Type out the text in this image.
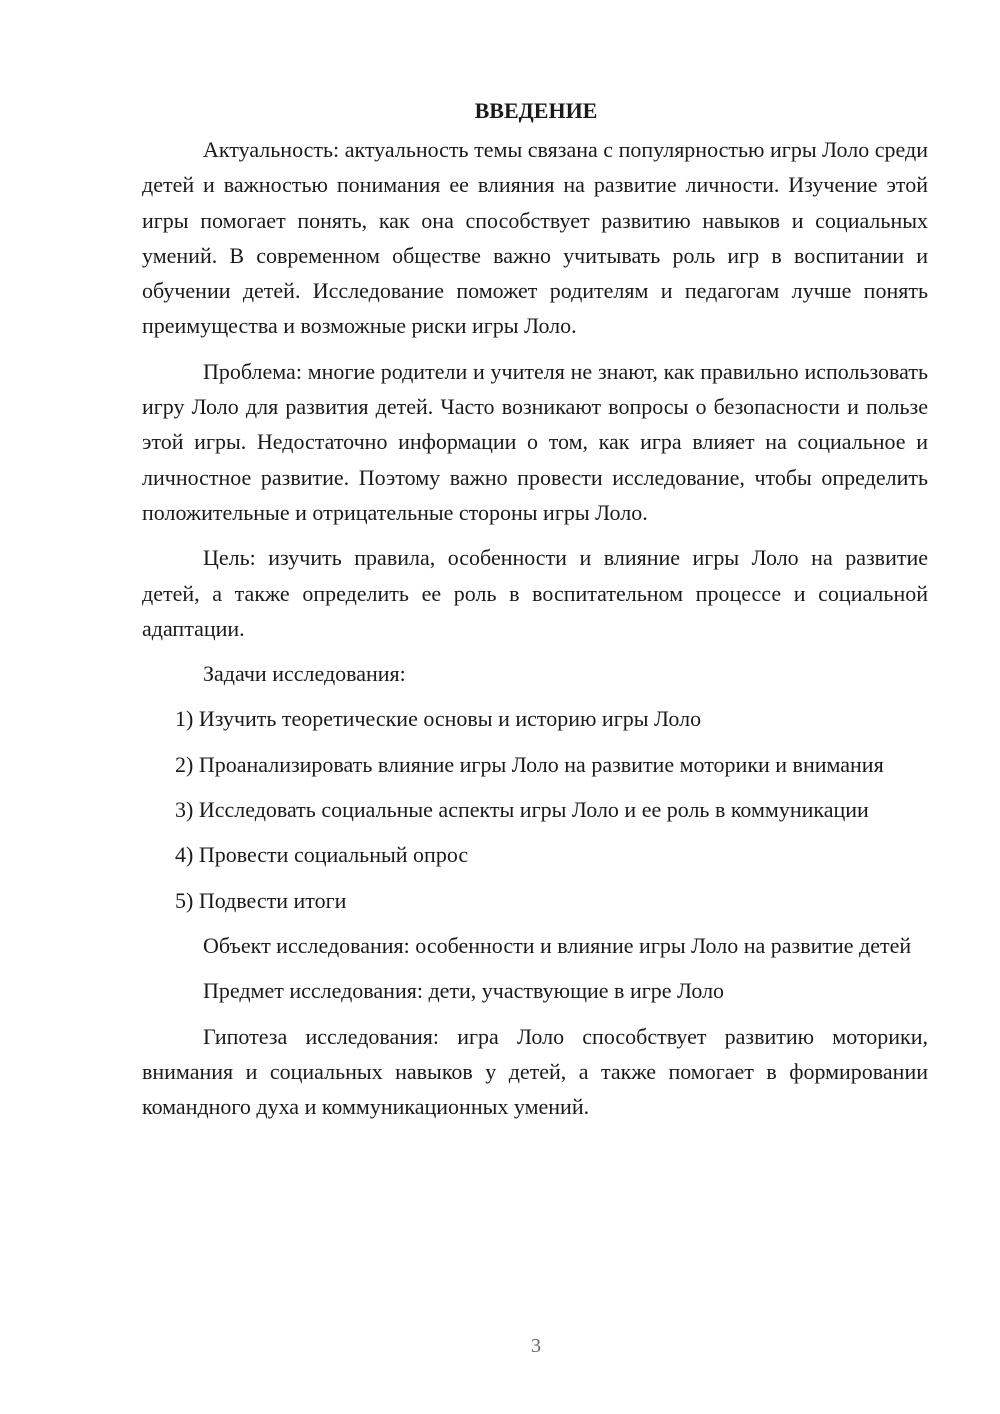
ВВЕДЕНИЕ

Актуальность: актуальность темы связана с популярностью игры Лоло среди детей и важностью понимания ее влияния на развитие личности. Изучение этой игры помогает понять, как она способствует развитию навыков и социальных умений. В современном обществе важно учитывать роль игр в воспитании и обучении детей. Исследование поможет родителям и педагогам лучше понять преимущества и возможные риски игры Лоло.

Проблема: многие родители и учителя не знают, как правильно использовать игру Лоло для развития детей. Часто возникают вопросы о безопасности и пользе этой игры. Недостаточно информации о том, как игра влияет на социальное и личностное развитие. Поэтому важно провести исследование, чтобы определить положительные и отрицательные стороны игры Лоло.

Цель: изучить правила, особенности и влияние игры Лоло на развитие детей, а также определить ее роль в воспитательном процессе и социальной адаптации.

Задачи исследования:

1) Изучить теоретические основы и историю игры Лоло

2) Проанализировать влияние игры Лоло на развитие моторики и внимания

3) Исследовать социальные аспекты игры Лоло и ее роль в коммуникации

4) Провести социальный опрос

5) Подвести итоги

Объект исследования: особенности и влияние игры Лоло на развитие детей

Предмет исследования: дети, участвующие в игре Лоло

Гипотеза исследования: игра Лоло способствует развитию моторики, внимания и социальных навыков у детей, а также помогает в формировании командного духа и коммуникационных умений.

3
